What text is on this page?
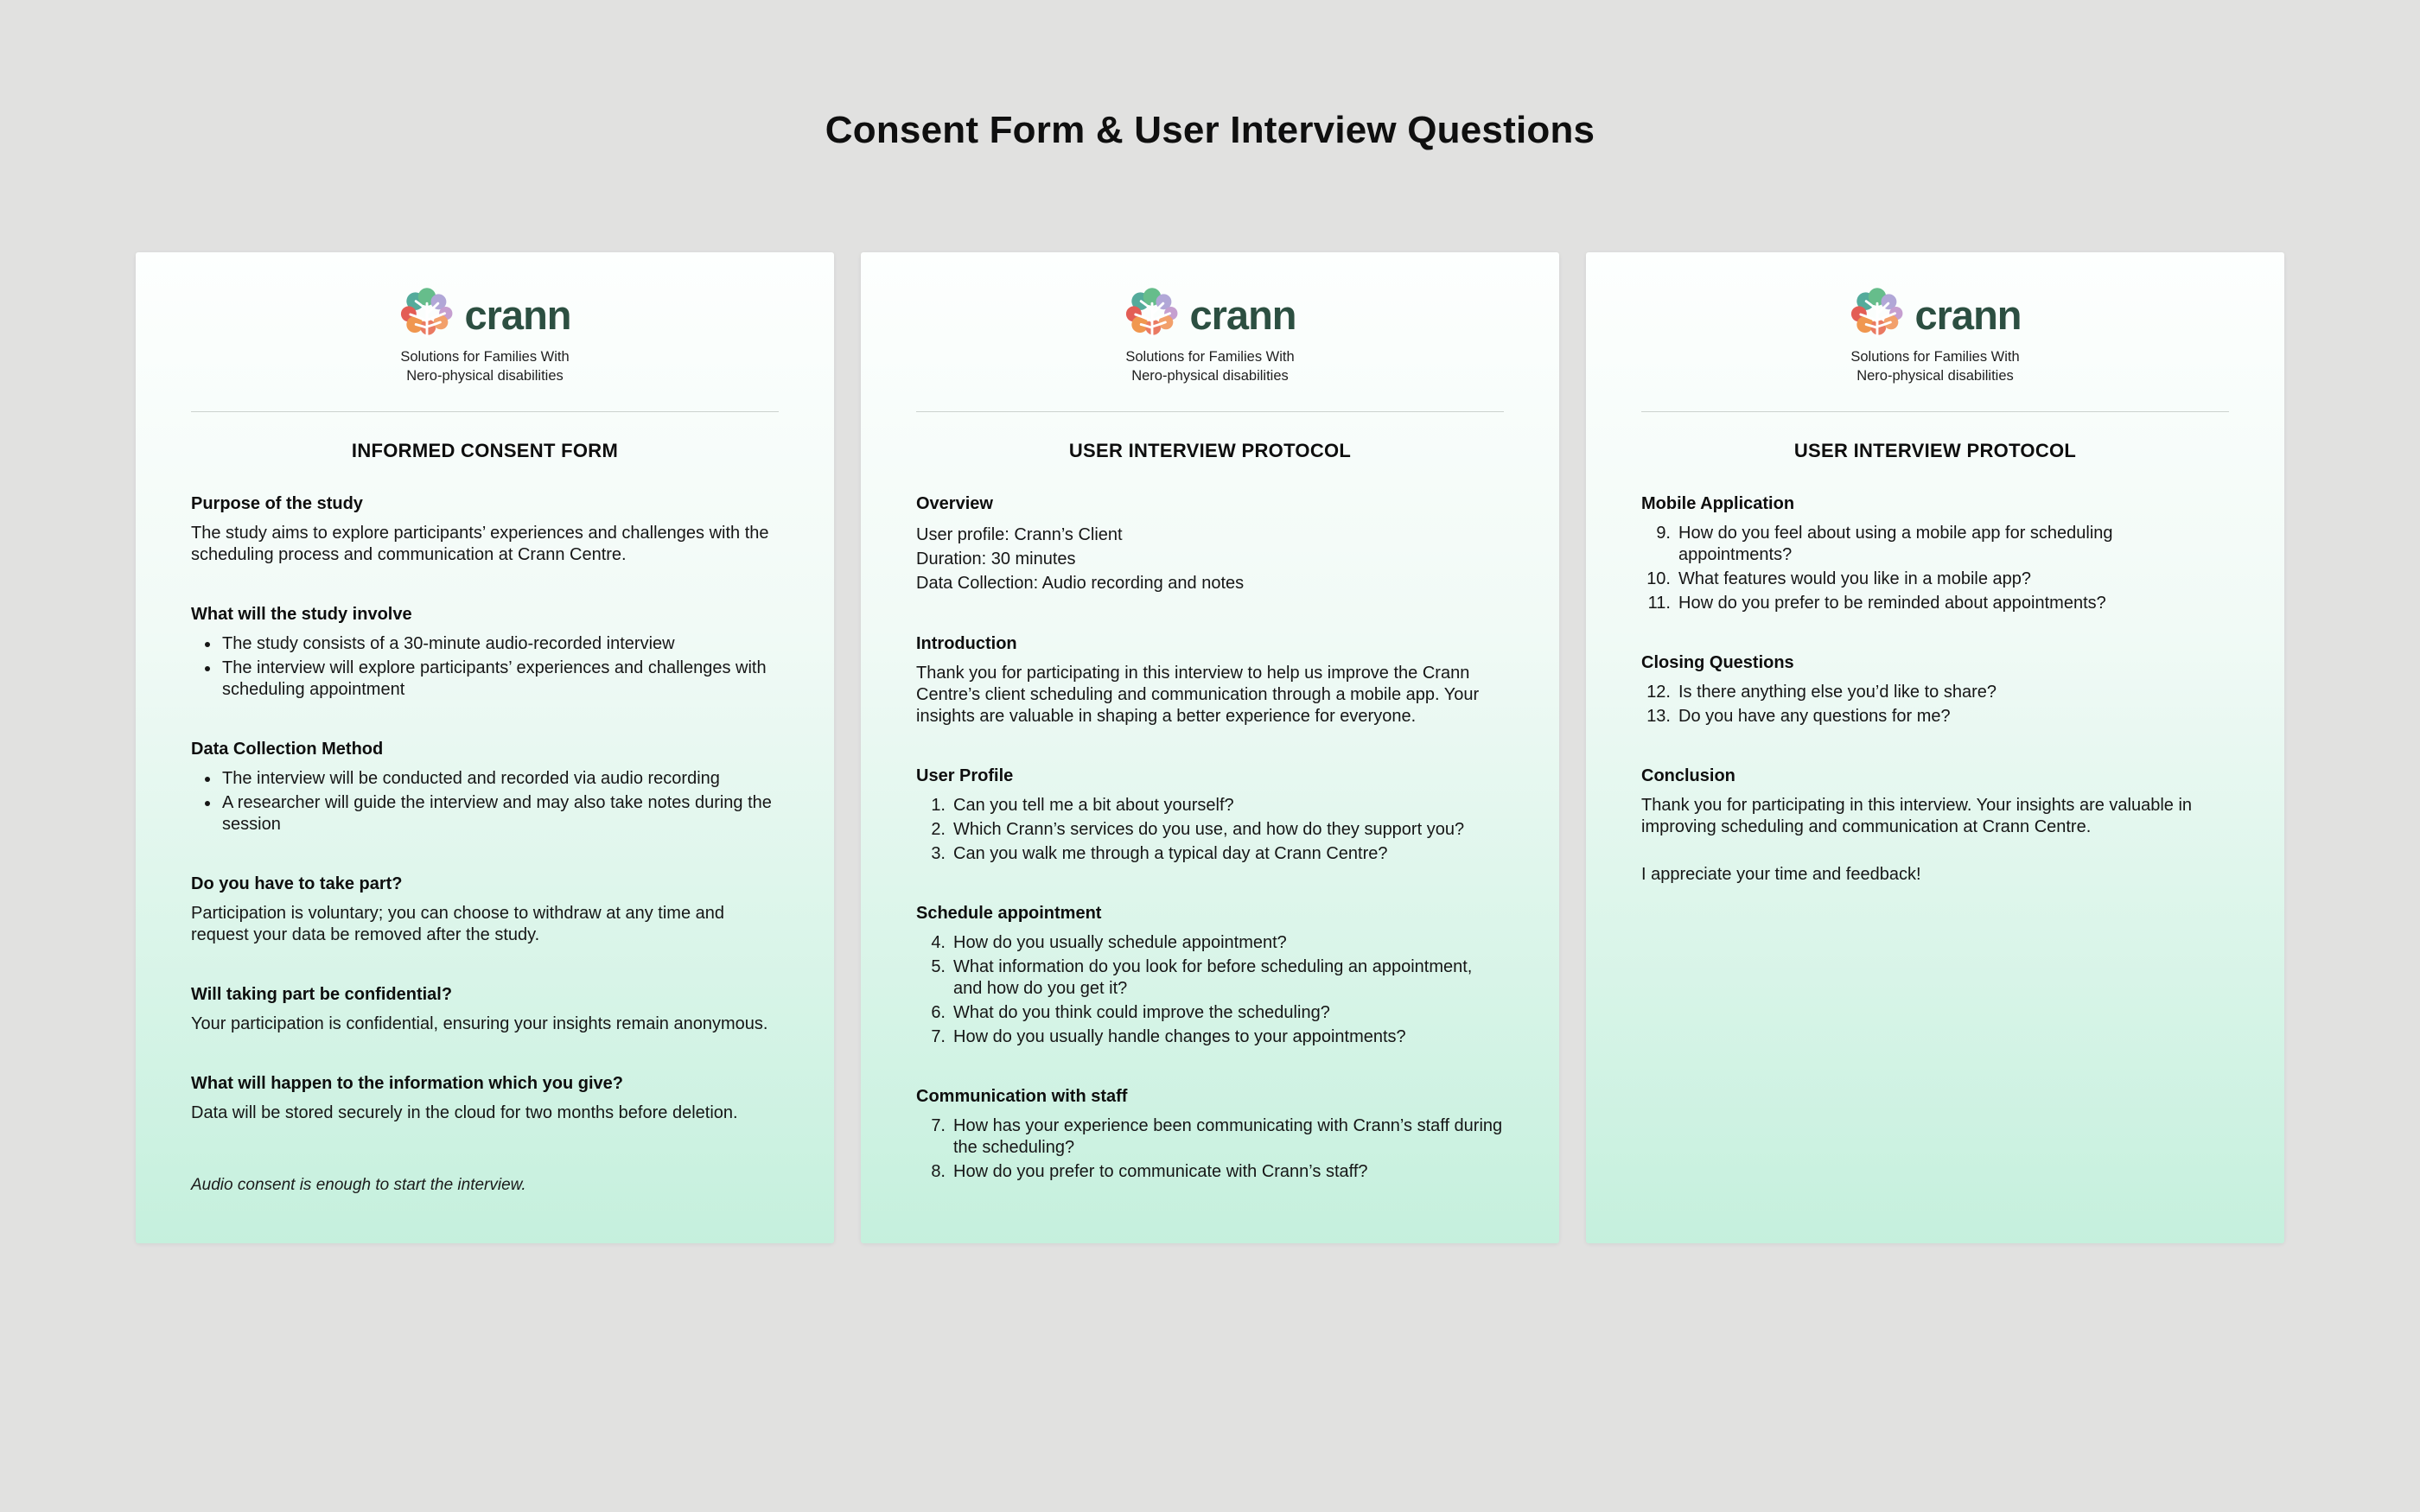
Consent Form & User Interview Questions
crann
Solutions for Families With
Nero-physical disabilities
INFORMED CONSENT FORM
Purpose of the study

The study aims to explore participants’ experiences and challenges with the scheduling process and communication at Crann Centre.

What will the study involve
• The study consists of a 30-minute audio-recorded interview
• The interview will explore participants’ experiences and challenges with scheduling appointment
Data Collection Method
• The interview will be conducted and recorded via audio recording
• A researcher will guide the interview and may also take notes during the session
Do you have to take part?

Participation is voluntary; you can choose to withdraw at any time and request your data be removed after the study.

Will taking part be confidential?

Your participation is confidential, ensuring your insights remain anonymous.

What will happen to the information which you give?

Data will be stored securely in the cloud for two months before deletion.

Audio consent is enough to start the interview.

crann
Solutions for Families With
Nero-physical disabilities
USER INTERVIEW PROTOCOL
Overview
User profile: Crann’s Client
Duration: 30 minutes
Data Collection: Audio recording and notes
Introduction

Thank you for participating in this interview to help us improve the Crann Centre’s client scheduling and communication through a mobile app. Your insights are valuable in shaping a better experience for everyone.

User Profile
1. Can you tell me a bit about yourself?
2. Which Crann’s services do you use, and how do they support you?
3. Can you walk me through a typical day at Crann Centre?
Schedule appointment
4. How do you usually schedule appointment?
5. What information do you look for before scheduling an appointment, and how do you get it?
6. What do you think could improve the scheduling?
7. How do you usually handle changes to your appointments?
Communication with staff
7. How has your experience been communicating with Crann’s staff during the scheduling?
8. How do you prefer to communicate with Crann’s staff?
crann
Solutions for Families With
Nero-physical disabilities
USER INTERVIEW PROTOCOL
Mobile Application
9. How do you feel about using a mobile app for scheduling appointments?
10. What features would you like in a mobile app?
11. How do you prefer to be reminded about appointments?
Closing Questions
12. Is there anything else you’d like to share?
13. Do you have any questions for me?
Conclusion

Thank you for participating in this interview. Your insights are valuable in improving scheduling and communication at Crann Centre.

I appreciate your time and feedback!
